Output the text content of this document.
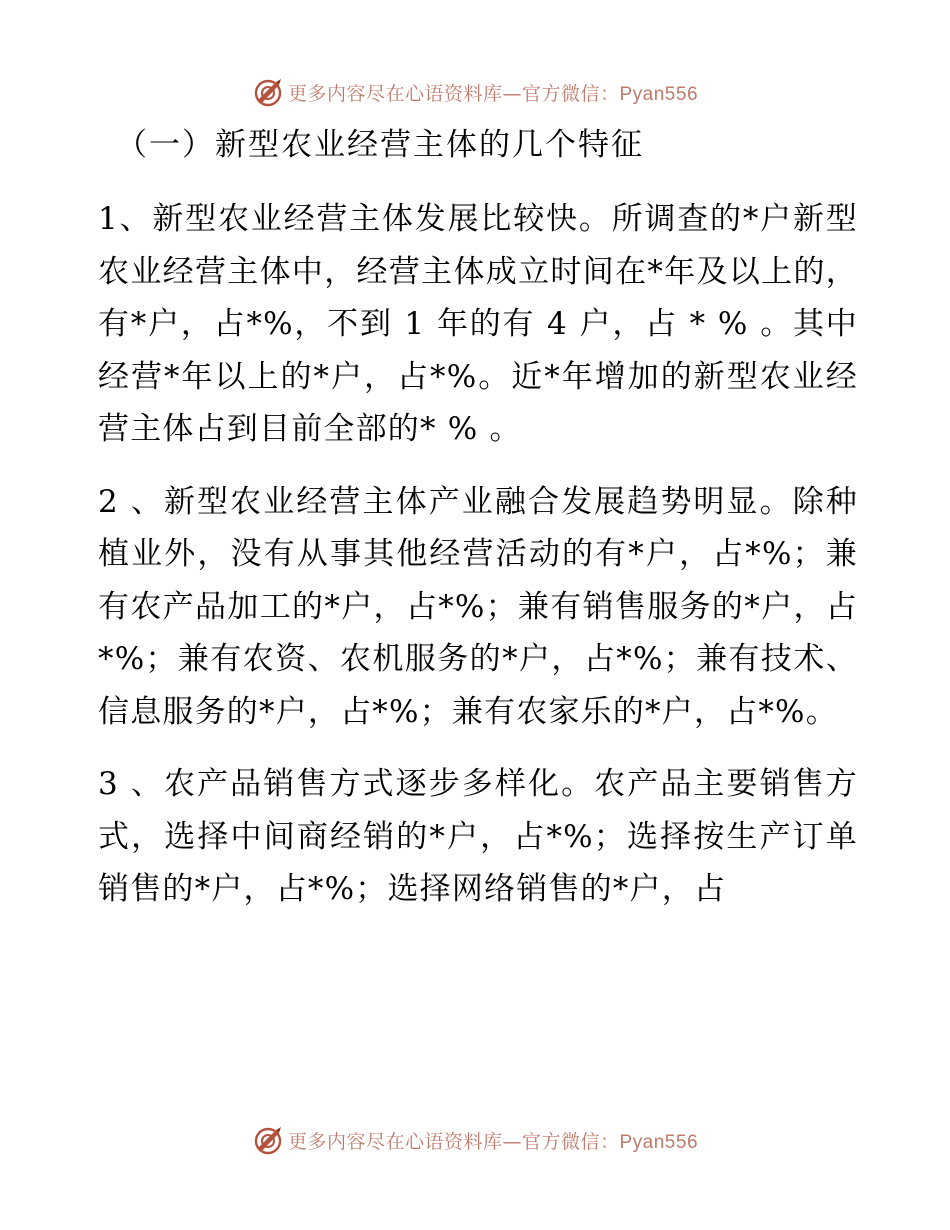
更多内容尽在心语资料库—官方微信：Pyan556

（一）新型农业经营主体的几个特征

1、新型农业经营主体发展比较快。所调查的*户新型农业经营主体中，经营主体成立时间在*年及以上的，有*户，占*%，不到 1 年的有 4 户，占 * % 。其中经营*年以上的*户，占*%。近*年增加的新型农业经营主体占到目前全部的* % 。

2 、新型农业经营主体产业融合发展趋势明显。除种植业外，没有从事其他经营活动的有*户，占*%；兼有农产品加工的*户，占*%；兼有销售服务的*户，占*%；兼有农资、农机服务的*户，占*%；兼有技术、信息服务的*户，占*%；兼有农家乐的*户，占*%。

3 、农产品销售方式逐步多样化。农产品主要销售方式，选择中间商经销的*户，占*%；选择按生产订单销售的*户，占*%；选择网络销售的*户，占

更多内容尽在心语资料库—官方微信：Pyan556
